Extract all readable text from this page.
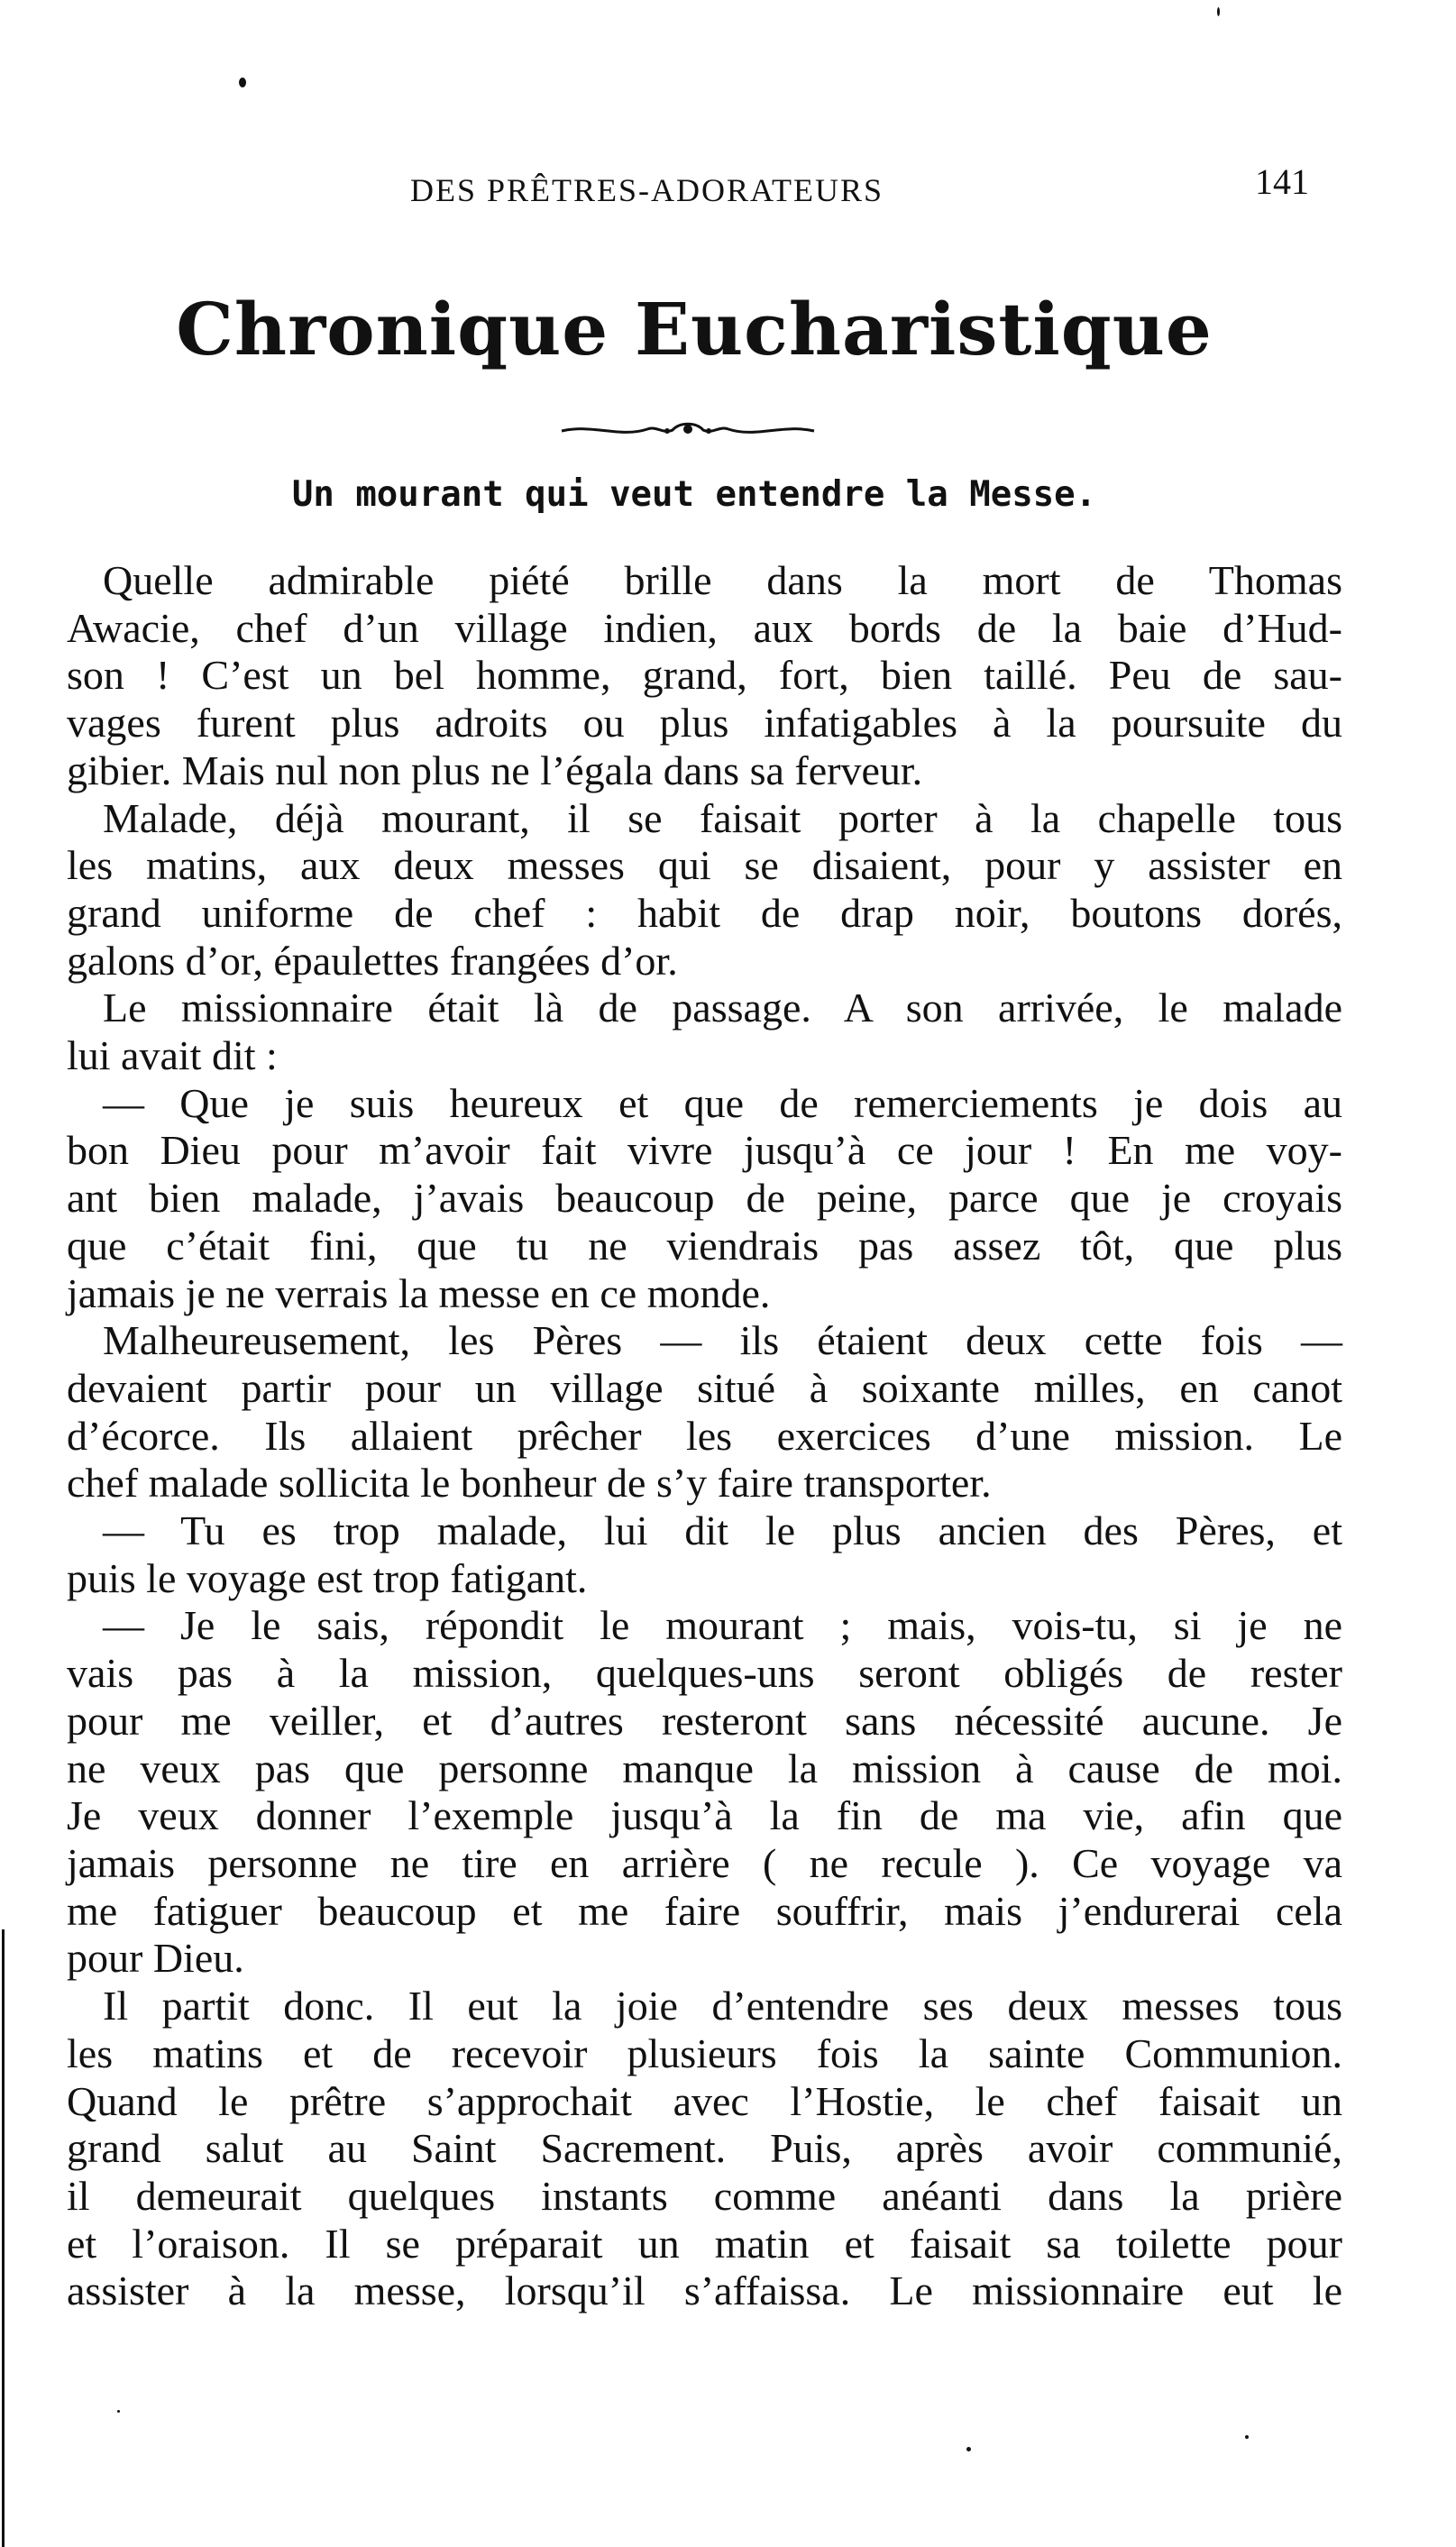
DES PRÊTRES-ADORATEURS	141
Chronique Eucharistique
Un mourant qui veut entendre la Messe.
Quelle admirable piété brille dans la mort de Thomas
Awacie, chef d’un village indien, aux bords de la baie d’Hud-
son ! C’est un bel homme, grand, fort, bien taillé. Peu de sau-
vages furent plus adroits ou plus infatigables à la poursuite du
gibier. Mais nul non plus ne l’égala dans sa ferveur.
Malade, déjà mourant, il se faisait porter à la chapelle tous
les matins, aux deux messes qui se disaient, pour y assister en
grand uniforme de chef : habit de drap noir, boutons dorés,
galons d’or, épaulettes frangées d’or.
Le missionnaire était là de passage. A son arrivée, le malade
lui avait dit :
— Que je suis heureux et que de remerciements je dois au
bon Dieu pour m’avoir fait vivre jusqu’à ce jour ! En me voy-
ant bien malade, j’avais beaucoup de peine, parce que je croyais
que c’était fini, que tu ne viendrais pas assez tôt, que plus
jamais je ne verrais la messe en ce monde.
Malheureusement, les Pères — ils étaient deux cette fois —
devaient partir pour un village situé à soixante milles, en canot
d’écorce. Ils allaient prêcher les exercices d’une mission. Le
chef malade sollicita le bonheur de s’y faire transporter.
— Tu es trop malade, lui dit le plus ancien des Pères, et
puis le voyage est trop fatigant.
— Je le sais, répondit le mourant ; mais, vois-tu, si je ne
vais pas à la mission, quelques-uns seront obligés de rester
pour me veiller, et d’autres resteront sans nécessité aucune. Je
ne veux pas que personne manque la mission à cause de moi.
Je veux donner l’exemple jusqu’à la fin de ma vie, afin que
jamais personne ne tire en arrière ( ne recule ). Ce voyage va
me fatiguer beaucoup et me faire souffrir, mais j’endurerai cela
pour Dieu.
Il partit donc. Il eut la joie d’entendre ses deux messes tous
les matins et de recevoir plusieurs fois la sainte Communion.
Quand le prêtre s’approchait avec l’Hostie, le chef faisait un
grand salut au Saint Sacrement. Puis, après avoir communié,
il demeurait quelques instants comme anéanti dans la prière
et l’oraison. Il se préparait un matin et faisait sa toilette pour
assister à la messe, lorsqu’il s’affaissa. Le missionnaire eut le
